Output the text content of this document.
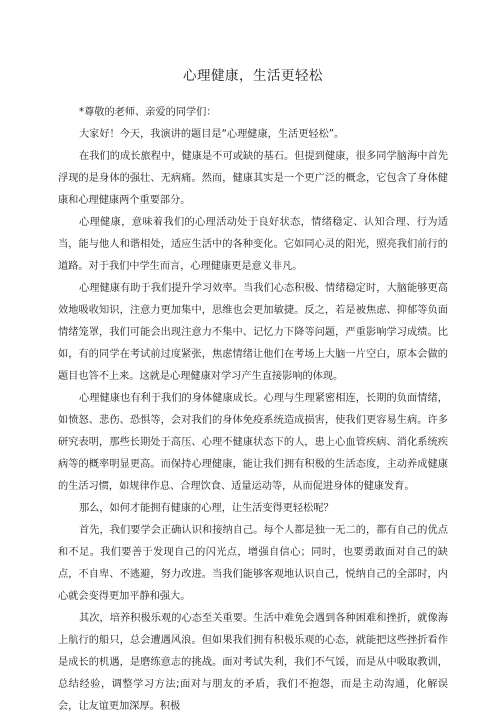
心理健康，生活更轻松

*尊敬的老师、亲爱的同学们：

大家好！今天，我演讲的题目是“心理健康，生活更轻松”。

在我们的成长旅程中，健康是不可或缺的基石。但提到健康，很多同学脑海中首先浮现的是身体的强壮、无病痛。然而，健康其实是一个更广泛的概念，它包含了身体健康和心理健康两个重要部分。

心理健康，意味着我们的心理活动处于良好状态，情绪稳定、认知合理、行为适当，能与他人和谐相处，适应生活中的各种变化。它如同心灵的阳光，照亮我们前行的道路。对于我们中学生而言，心理健康更是意义非凡。

心理健康有助于我们提升学习效率。当我们心态积极、情绪稳定时，大脑能够更高效地吸收知识，注意力更加集中，思维也会更加敏捷。反之，若是被焦虑、抑郁等负面情绪笼罩，我们可能会出现注意力不集中、记忆力下降等问题，严重影响学习成绩。比如，有的同学在考试前过度紧张，焦虑情绪让他们在考场上大脑一片空白，原本会做的题目也答不上来。这就是心理健康对学习产生直接影响的体现。

心理健康也有利于我们的身体健康成长。心理与生理紧密相连，长期的负面情绪，如愤怒、悲伤、恐惧等，会对我们的身体免疫系统造成损害，使我们更容易生病。许多研究表明，那些长期处于高压、心理不健康状态下的人，患上心血管疾病、消化系统疾病等的概率明显更高。而保持心理健康，能让我们拥有积极的生活态度，主动养成健康的生活习惯，如规律作息、合理饮食、适量运动等，从而促进身体的健康发育。

那么，如何才能拥有健康的心理，让生活变得更轻松呢？

首先，我们要学会正确认识和接纳自己。每个人都是独一无二的，都有自己的优点和不足。我们要善于发现自己的闪光点，增强自信心；同时，也要勇敢面对自己的缺点，不自卑、不逃避，努力改进。当我们能够客观地认识自己，悦纳自己的全部时，内心就会变得更加平静和强大。

其次，培养积极乐观的心态至关重要。生活中难免会遇到各种困难和挫折，就像海上航行的船只，总会遭遇风浪。但如果我们拥有积极乐观的心态，就能把这些挫折看作是成长的机遇，是磨练意志的挑战。面对考试失利，我们不气馁，而是从中吸取教训，总结经验，调整学习方法;面对与朋友的矛盾，我们不抱怨，而是主动沟通，化解误会，让友谊更加深厚。积极
